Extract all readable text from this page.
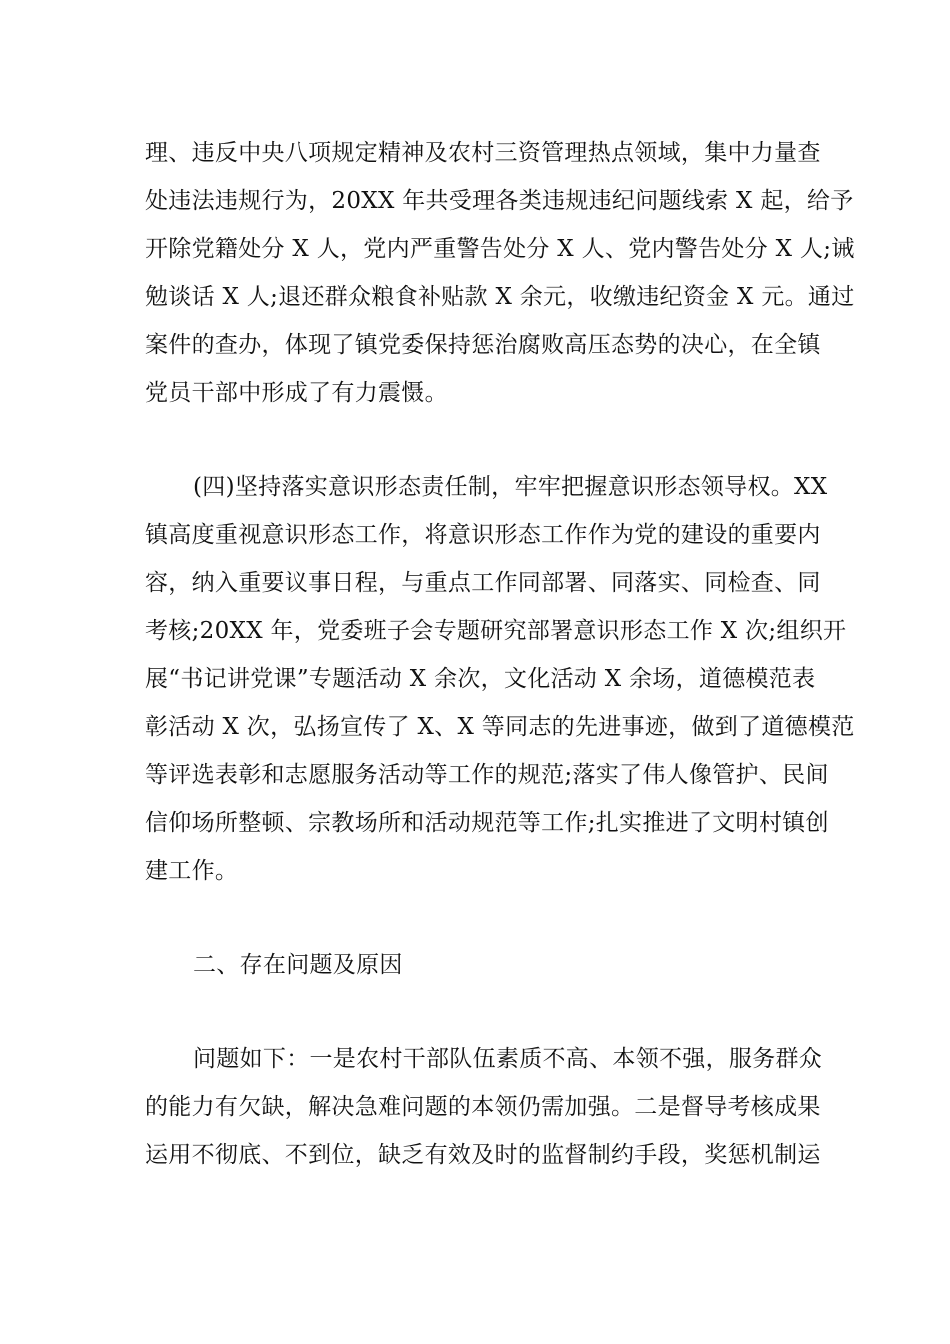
理、违反中央八项规定精神及农村三资管理热点领域，集中力量查
处违法违规行为，20XX 年共受理各类违规违纪问题线索 X 起，给予
开除党籍处分 X 人，党内严重警告处分 X 人、党内警告处分 X 人;诫
勉谈话 X 人;退还群众粮食补贴款 X 余元，收缴违纪资金 X 元。通过
案件的查办，体现了镇党委保持惩治腐败高压态势的决心，在全镇
党员干部中形成了有力震慑。
(四)坚持落实意识形态责任制，牢牢把握意识形态领导权。XX
镇高度重视意识形态工作，将意识形态工作作为党的建设的重要内
容，纳入重要议事日程，与重点工作同部署、同落实、同检查、同
考核;20XX 年，党委班子会专题研究部署意识形态工作 X 次;组织开
展“书记讲党课”专题活动 X 余次，文化活动 X 余场，道德模范表
彰活动 X 次，弘扬宣传了 X、X 等同志的先进事迹，做到了道德模范
等评选表彰和志愿服务活动等工作的规范;落实了伟人像管护、民间
信仰场所整顿、宗教场所和活动规范等工作;扎实推进了文明村镇创
建工作。
二、存在问题及原因
问题如下：一是农村干部队伍素质不高、本领不强，服务群众
的能力有欠缺，解决急难问题的本领仍需加强。二是督导考核成果
运用不彻底、不到位，缺乏有效及时的监督制约手段，奖惩机制运
